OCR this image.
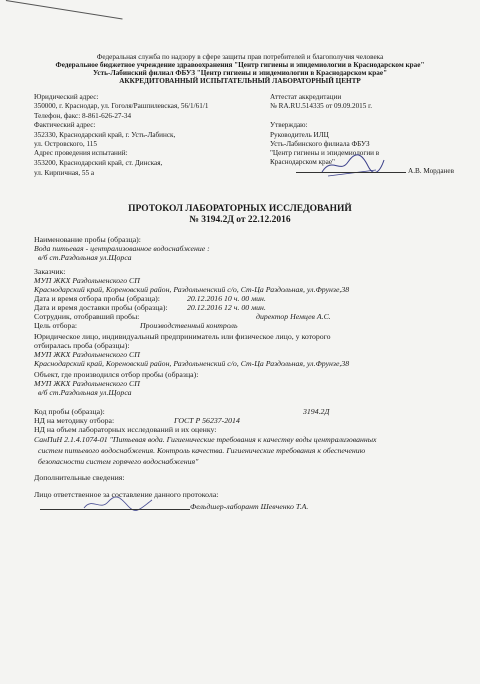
Федеральная служба по надзору в сфере защиты прав потребителей и благополучия человека
Федеральное бюджетное учреждение здравоохранения "Центр гигиены и эпидемиологии в Краснодарском крае"
Усть-Лабинский филиал ФБУЗ "Центр гигиены и эпидемиологии в Краснодарском крае"
АККРЕДИТОВАННЫЙ ИСПЫТАТЕЛЬНЫЙ ЛАБОРАТОРНЫЙ ЦЕНТР
Юридический адрес:
350000, г. Краснодар, ул. Гоголя/Рашпилевская, 56/1/61/1
Телефон, факс: 8-861-626-27-34
Фактический адрес:
352330, Краснодарский край, г. Усть-Лабинск,
ул. Островского, 115
Адрес проведения испытаний:
353200, Краснодарский край, ст. Динская,
ул. Кирпичная, 55 а
Аттестат аккредитации
№ RA.RU.514335 от 09.09.2015 г.
Утверждаю:
Руководитель ИЛЦ
Усть-Лабинского филиала ФБУЗ
"Центр гигиены и эпидемиологии в
Краснодарском крае"
А.В. Морданев
ПРОТОКОЛ ЛАБОРАТОРНЫХ ИССЛЕДОВАНИЙ
№ 3194.2Д от 22.12.2016
Наименование пробы (образца):
Вода питьевая - централизованное водоснабжение :
в/б ст.Раздольная ул.Щорса
Заказчик:
МУП ЖКХ Раздольненского СП
Краснодарский край, Кореновский район, Раздольненский с/о, Ст-Ца Раздольная, ул.Фрунзе,38
Дата и время отбора пробы (образца):	20.12.2016 10 ч. 00 мин.
Дата и время доставки пробы (образца): 20.12.2016 12 ч. 00 мин.
Сотрудник, отобравший пробы:	директор Немцев А.С.
Цель отбора:	Производственный контроль
Юридическое лицо, индивидуальный предприниматель или физическое лицо, у которого
отбиралась проба (образцы):
МУП ЖКХ Раздольненского СП
Краснодарский край, Кореновский район, Раздольненский с/о, Ст-Ца Раздольная, ул.Фрунзе,38
Объект, где производился отбор пробы (образца):
МУП ЖКХ Раздольненского СП
в/б ст.Раздольная ул.Щорса
Код пробы (образца):	3194.2Д
НД на методику отбора:	ГОСТ Р 56237-2014
НД на объем лабораторных исследований и их оценку:
СанПиН 2.1.4.1074-01 "Питьевая вода. Гигиенические требования к качеству воды централизованных
систем питьевого водоснабжения. Контроль качества. Гигиенические требования к обеспечению
безопасности систем горячего водоснабжения"
Дополнительные сведения:
Лицо ответственное за составление данного протокола:
Фельдшер-лаборант Шевченко Т.А.
